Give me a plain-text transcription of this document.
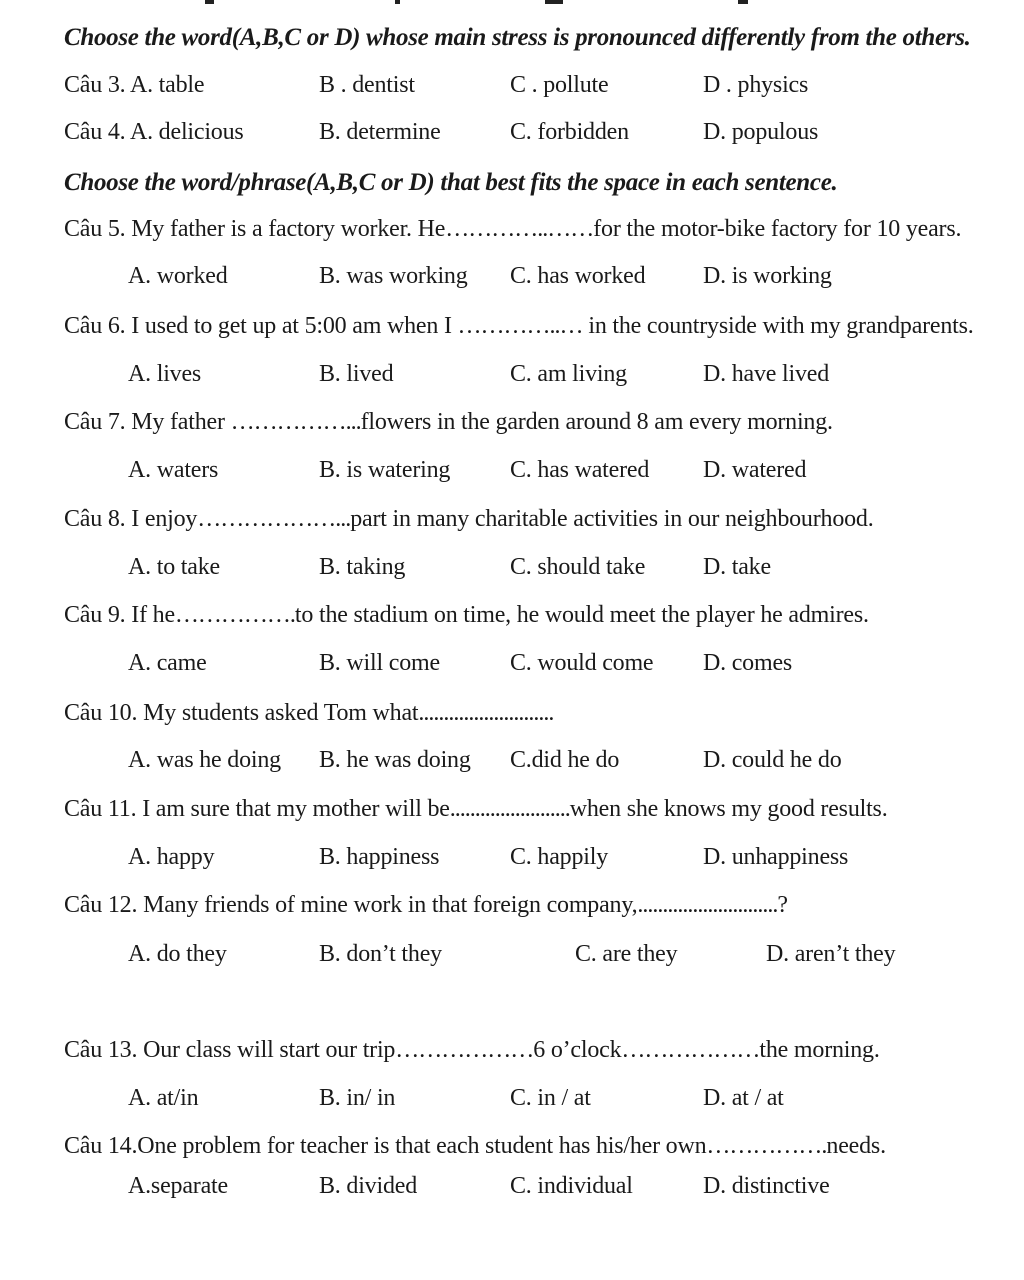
Choose the word(A,B,C or D) whose main stress is pronounced differently from the others.
Câu 3. A. table	B . dentist	C . pollute	D . physics
Câu 4. A. delicious	B. determine	C. forbidden	D. populous
Choose the word/phrase(A,B,C or D) that best fits the space in each sentence.
Câu 5. My father is a factory worker. He…………..……for the motor-bike factory for 10 years.
A. worked	B. was working C. has worked D. is working
Câu 6. I used to get up at 5:00 am when I …………..… in the countryside with my grandparents.
A. lives	B. lived	C. am living	D. have lived
Câu 7. My father ……………...flowers in the garden around 8 am every morning.
A. waters	B. is watering C. has watered D. watered
Câu 8. I enjoy………………...part in many charitable activities in our neighbourhood.
A. to take	B. taking	C. should take D. take
Câu 9. If he…………….to the stadium on time, he would meet the player he admires.
A. came	B. will come	C. would come D. comes
Câu 10. My students asked Tom what...........................
A. was he doing B. he was doing C.did he do	D. could he do
Câu 11. I am sure that my mother will be........................when she knows my good results.
A. happy	B. happiness	C. happily	D. unhappiness
Câu 12. Many friends of mine work in that foreign company,............................?
A. do they	B. don’t they	C. are they	D. aren’t they
Câu 13. Our class will start our trip………………6 o’clock………………the morning.
A. at/in	B. in/ in	C. in / at	D. at / at
Câu 14.One problem for teacher is that each student has his/her own…………….needs.
A.separate	B. divided	C. individual	D. distinctive
